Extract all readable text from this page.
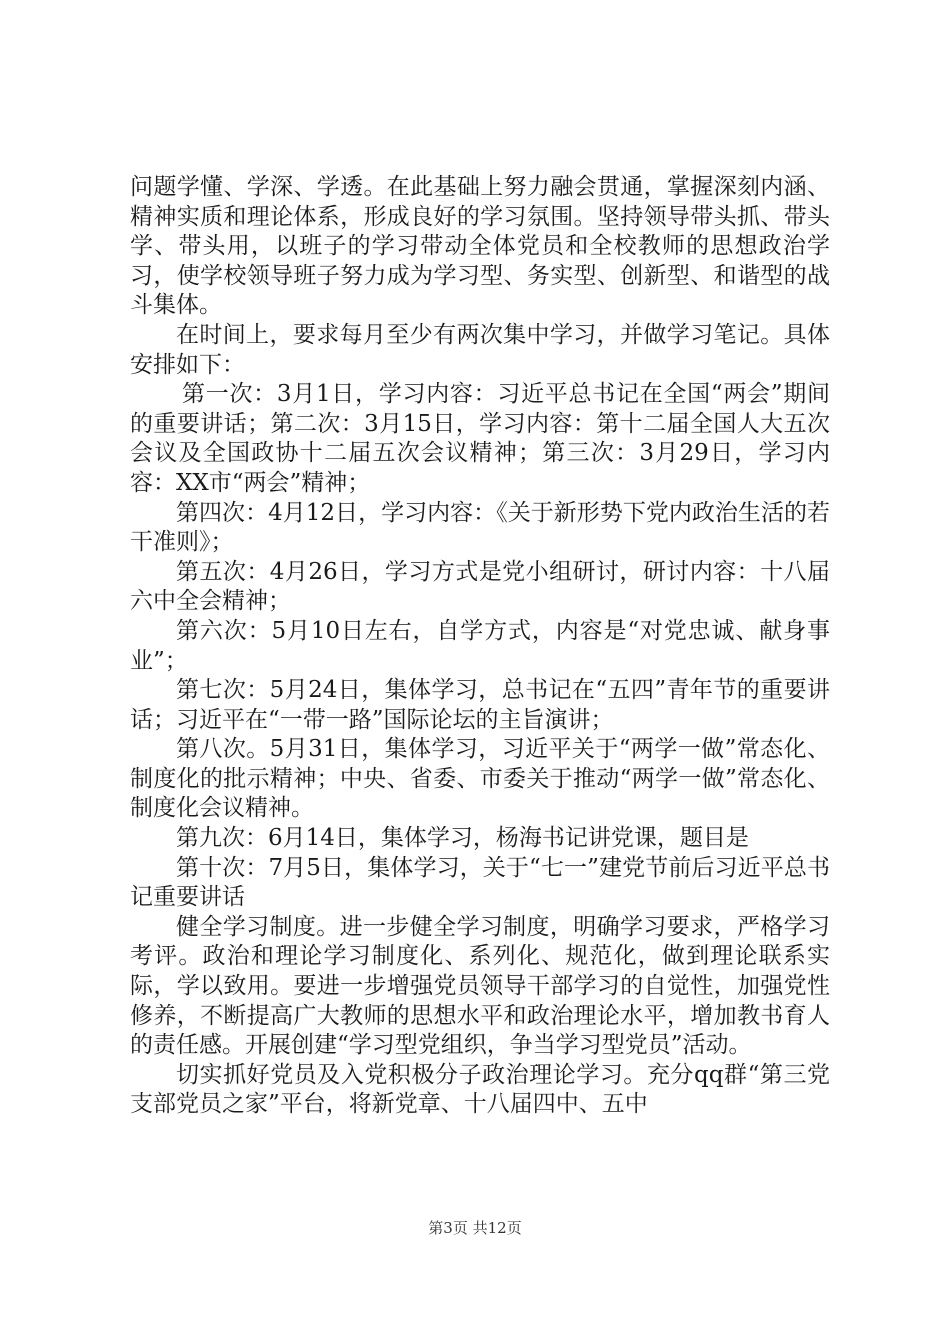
问题学懂、学深、学透。在此基础上努力融会贯通，掌握深刻内涵、精神实质和理论体系，形成良好的学习氛围。坚持领导带头抓、带头学、带头用，以班子的学习带动全体党员和全校教师的思想政治学习，使学校领导班子努力成为学习型、务实型、创新型、和谐型的战斗集体。

在时间上，要求每月至少有两次集中学习，并做学习笔记。具体安排如下：

第一次：3月1日，学习内容：习近平总书记在全国“两会”期间的重要讲话；第二次：3月15日，学习内容：第十二届全国人大五次会议及全国政协十二届五次会议精神；第三次：3月29日，学习内容：XX市“两会”精神；

第四次：4月12日，学习内容：《关于新形势下党内政治生活的若干准则》；

第五次：4月26日，学习方式是党小组研讨，研讨内容：十八届六中全会精神；

第六次：5月10日左右，自学方式，内容是“对党忠诚、献身事业”；

第七次：5月24日，集体学习，总书记在“五四”青年节的重要讲话；习近平在“一带一路”国际论坛的主旨演讲；

第八次。5月31日，集体学习，习近平关于“两学一做”常态化、制度化的批示精神；中央、省委、市委关于推动“两学一做”常态化、制度化会议精神。

第九次：6月14日，集体学习，杨海书记讲党课，题目是

第十次：7月5日，集体学习，关于“七一”建党节前后习近平总书记重要讲话

健全学习制度。进一步健全学习制度，明确学习要求，严格学习考评。政治和理论学习制度化、系列化、规范化，做到理论联系实际，学以致用。要进一步增强党员领导干部学习的自觉性，加强党性修养，不断提高广大教师的思想水平和政治理论水平，增加教书育人的责任感。开展创建“学习型党组织，争当学习型党员”活动。

切实抓好党员及入党积极分子政治理论学习。充分qq群“第三党支部党员之家”平台，将新党章、十八届四中、五中

第3页 共12页
